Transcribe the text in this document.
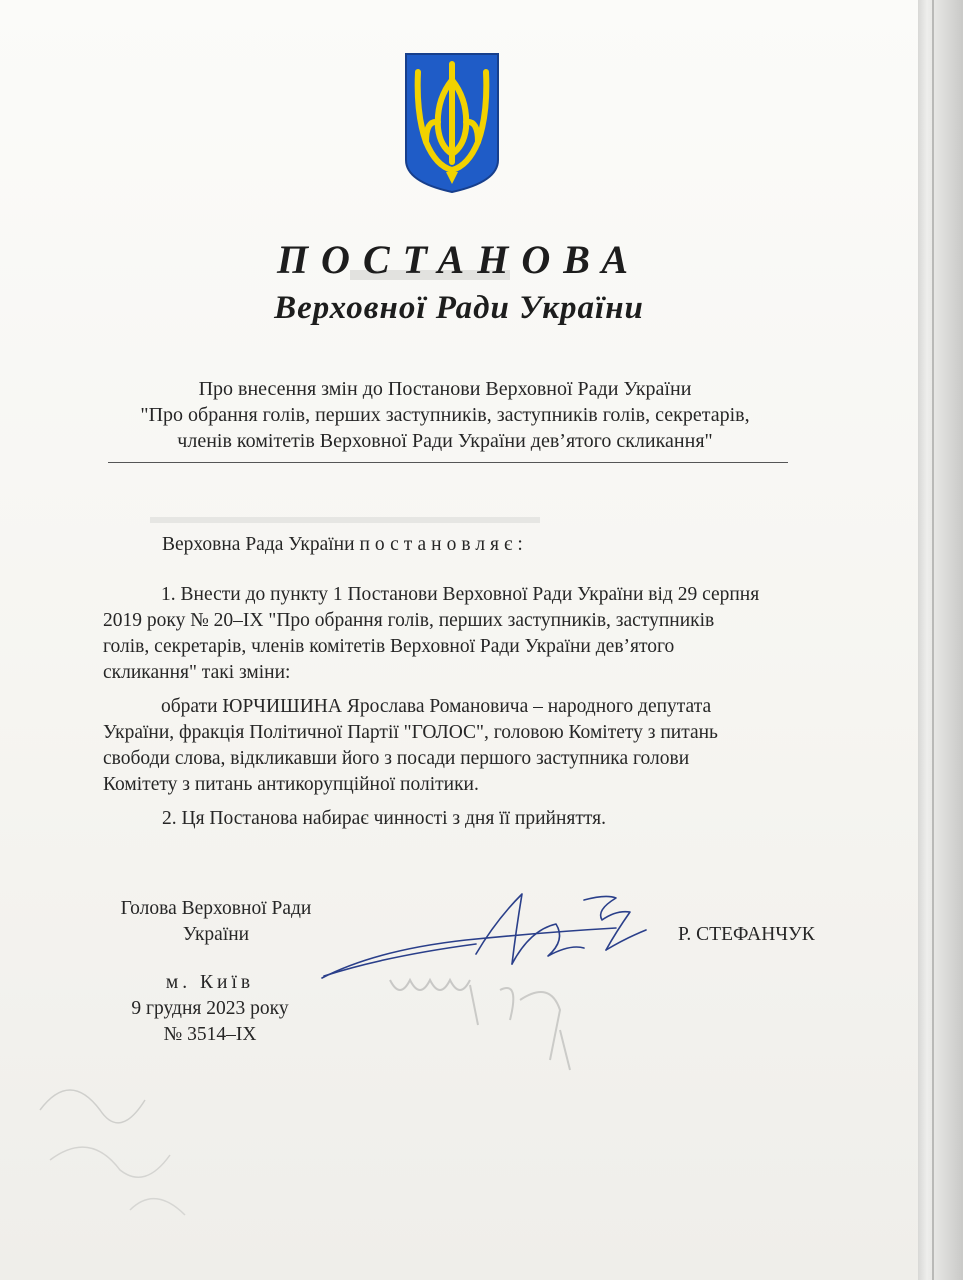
ПОСТАНОВА
Верховної Ради України
Про внесення змін до Постанови Верховної Ради України
"Про обрання голів, перших заступників, заступників голів, секретарів,
членів комітетів Верховної Ради України дев’ятого скликання"
Верховна Рада України постановляє:
1. Внести до пункту 1 Постанови Верховної Ради України від 29 серпня
2019 року № 20–IX "Про обрання голів, перших заступників, заступників
голів, секретарів, членів комітетів Верховної Ради України дев’ятого
скликання" такі зміни:
обрати ЮРЧИШИНА Ярослава Романовича – народного депутата
України, фракція Політичної Партії "ГОЛОС", головою Комітету з питань
свободи слова, відкликавши його з посади першого заступника голови
Комітету з питань антикорупційної політики.
2. Ця Постанова набирає чинності з дня її прийняття.
Голова Верховної Ради
України
м. Київ
9 грудня 2023 року
№ 3514–IX
Р. СТЕФАНЧУК
